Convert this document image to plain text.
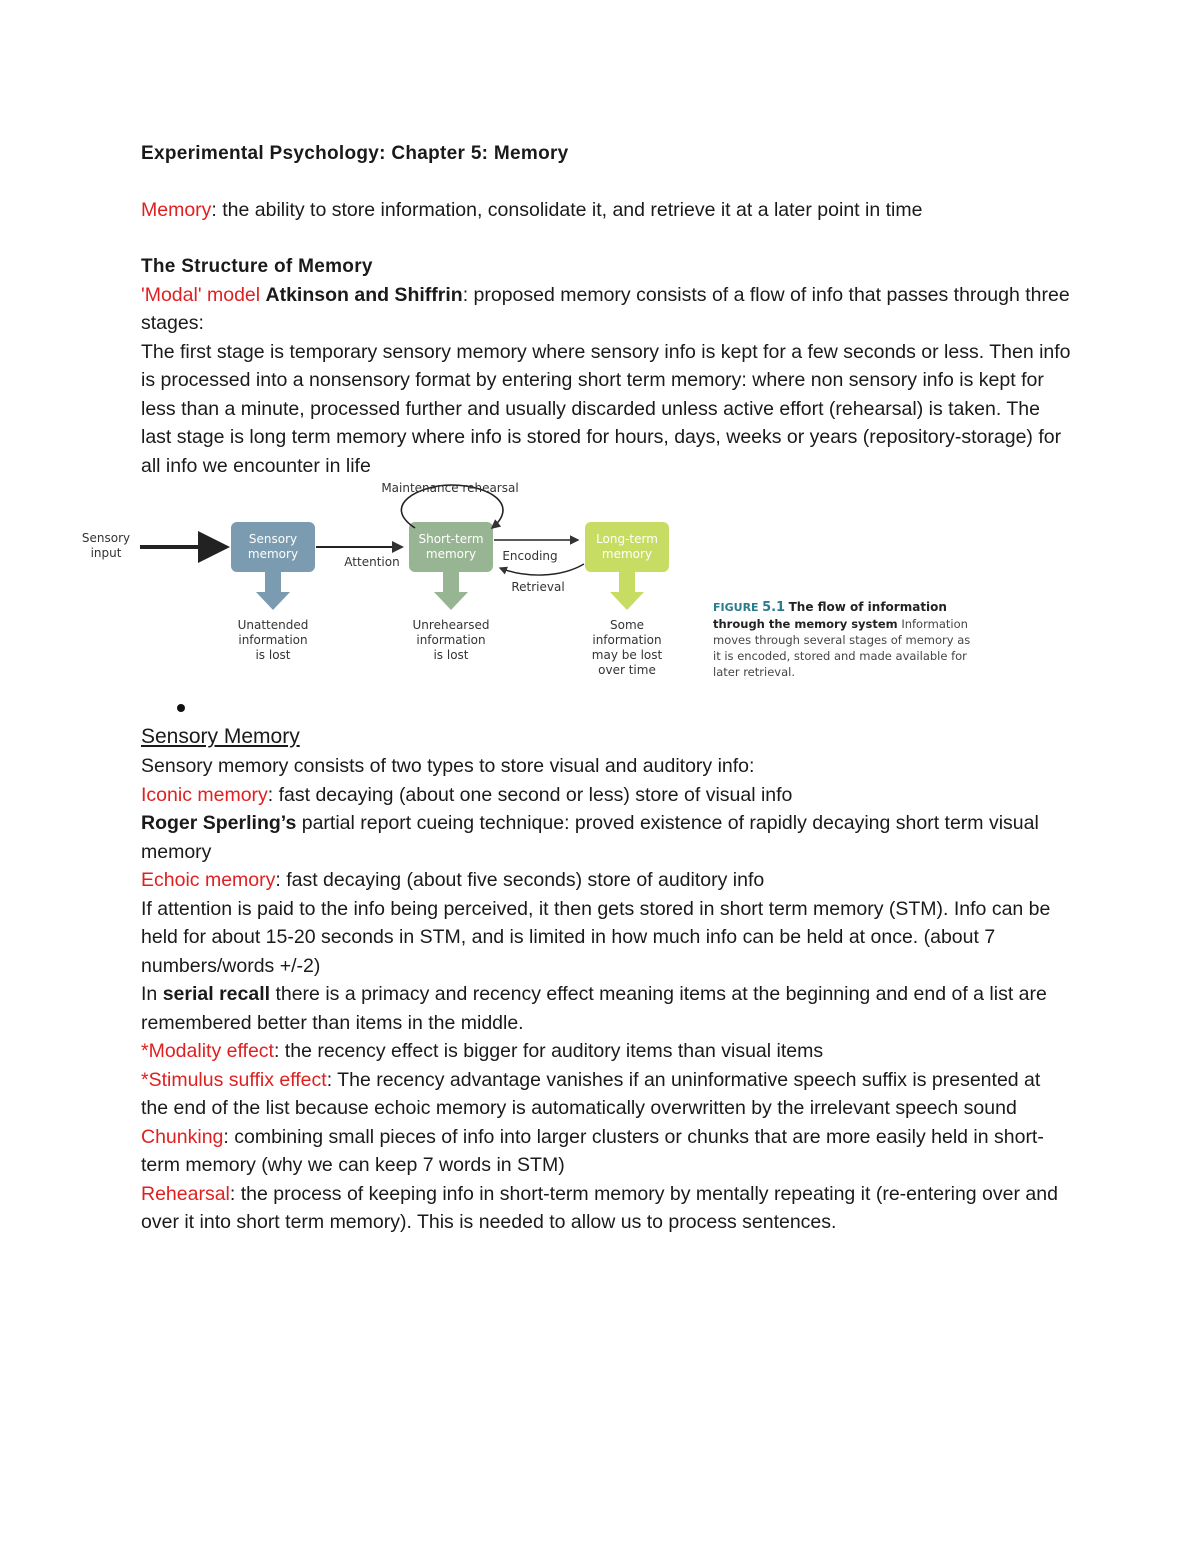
Experimental Psychology: Chapter 5: Memory

Memory: the ability to store information, consolidate it, and retrieve it at a later point in time

The Structure of Memory

'Modal' model Atkinson and Shiffrin: proposed memory consists of a flow of info that passes through three stages:

The first stage is temporary sensory memory where sensory info is kept for a few seconds or less. Then info is processed into a nonsensory format by entering short term memory: where non sensory info is kept for less than a minute, processed further and usually discarded unless active effort (rehearsal) is taken. The last stage is long term memory where info is stored for hours, days, weeks or years (repository-storage) for all info we encounter in life

Sensory
input
Sensory
memory
Attention
Short-term
memory
Maintenance rehearsal
Encoding
Retrieval
Long-term
memory
Unattended
information
is lost
Unrehearsed
information
is lost
Some
information
may be lost
over time
FIGURE 5.1 The flow of information
through the memory system Information
moves through several stages of memory as
it is encoded, stored and made available for
later retrieval.

Sensory Memory

Sensory memory consists of two types to store visual and auditory info:

Iconic memory: fast decaying (about one second or less) store of visual info

Roger Sperling’s partial report cueing technique: proved existence of rapidly decaying short term visual memory

Echoic memory: fast decaying (about five seconds) store of auditory info

If attention is paid to the info being perceived, it then gets stored in short term memory (STM). Info can be held for about 15-20 seconds in STM, and is limited in how much info can be held at once. (about 7 numbers/words +/-2)

In serial recall there is a primacy and recency effect meaning items at the beginning and end of a list are remembered better than items in the middle.

*Modality effect: the recency effect is bigger for auditory items than visual items

*Stimulus suffix effect: The recency advantage vanishes if an uninformative speech suffix is presented at the end of the list because echoic memory is automatically overwritten by the irrelevant speech sound

Chunking: combining small pieces of info into larger clusters or chunks that are more easily held in short-term memory (why we can keep 7 words in STM)

Rehearsal: the process of keeping info in short-term memory by mentally repeating it (re-entering over and over it into short term memory). This is needed to allow us to process sentences.
